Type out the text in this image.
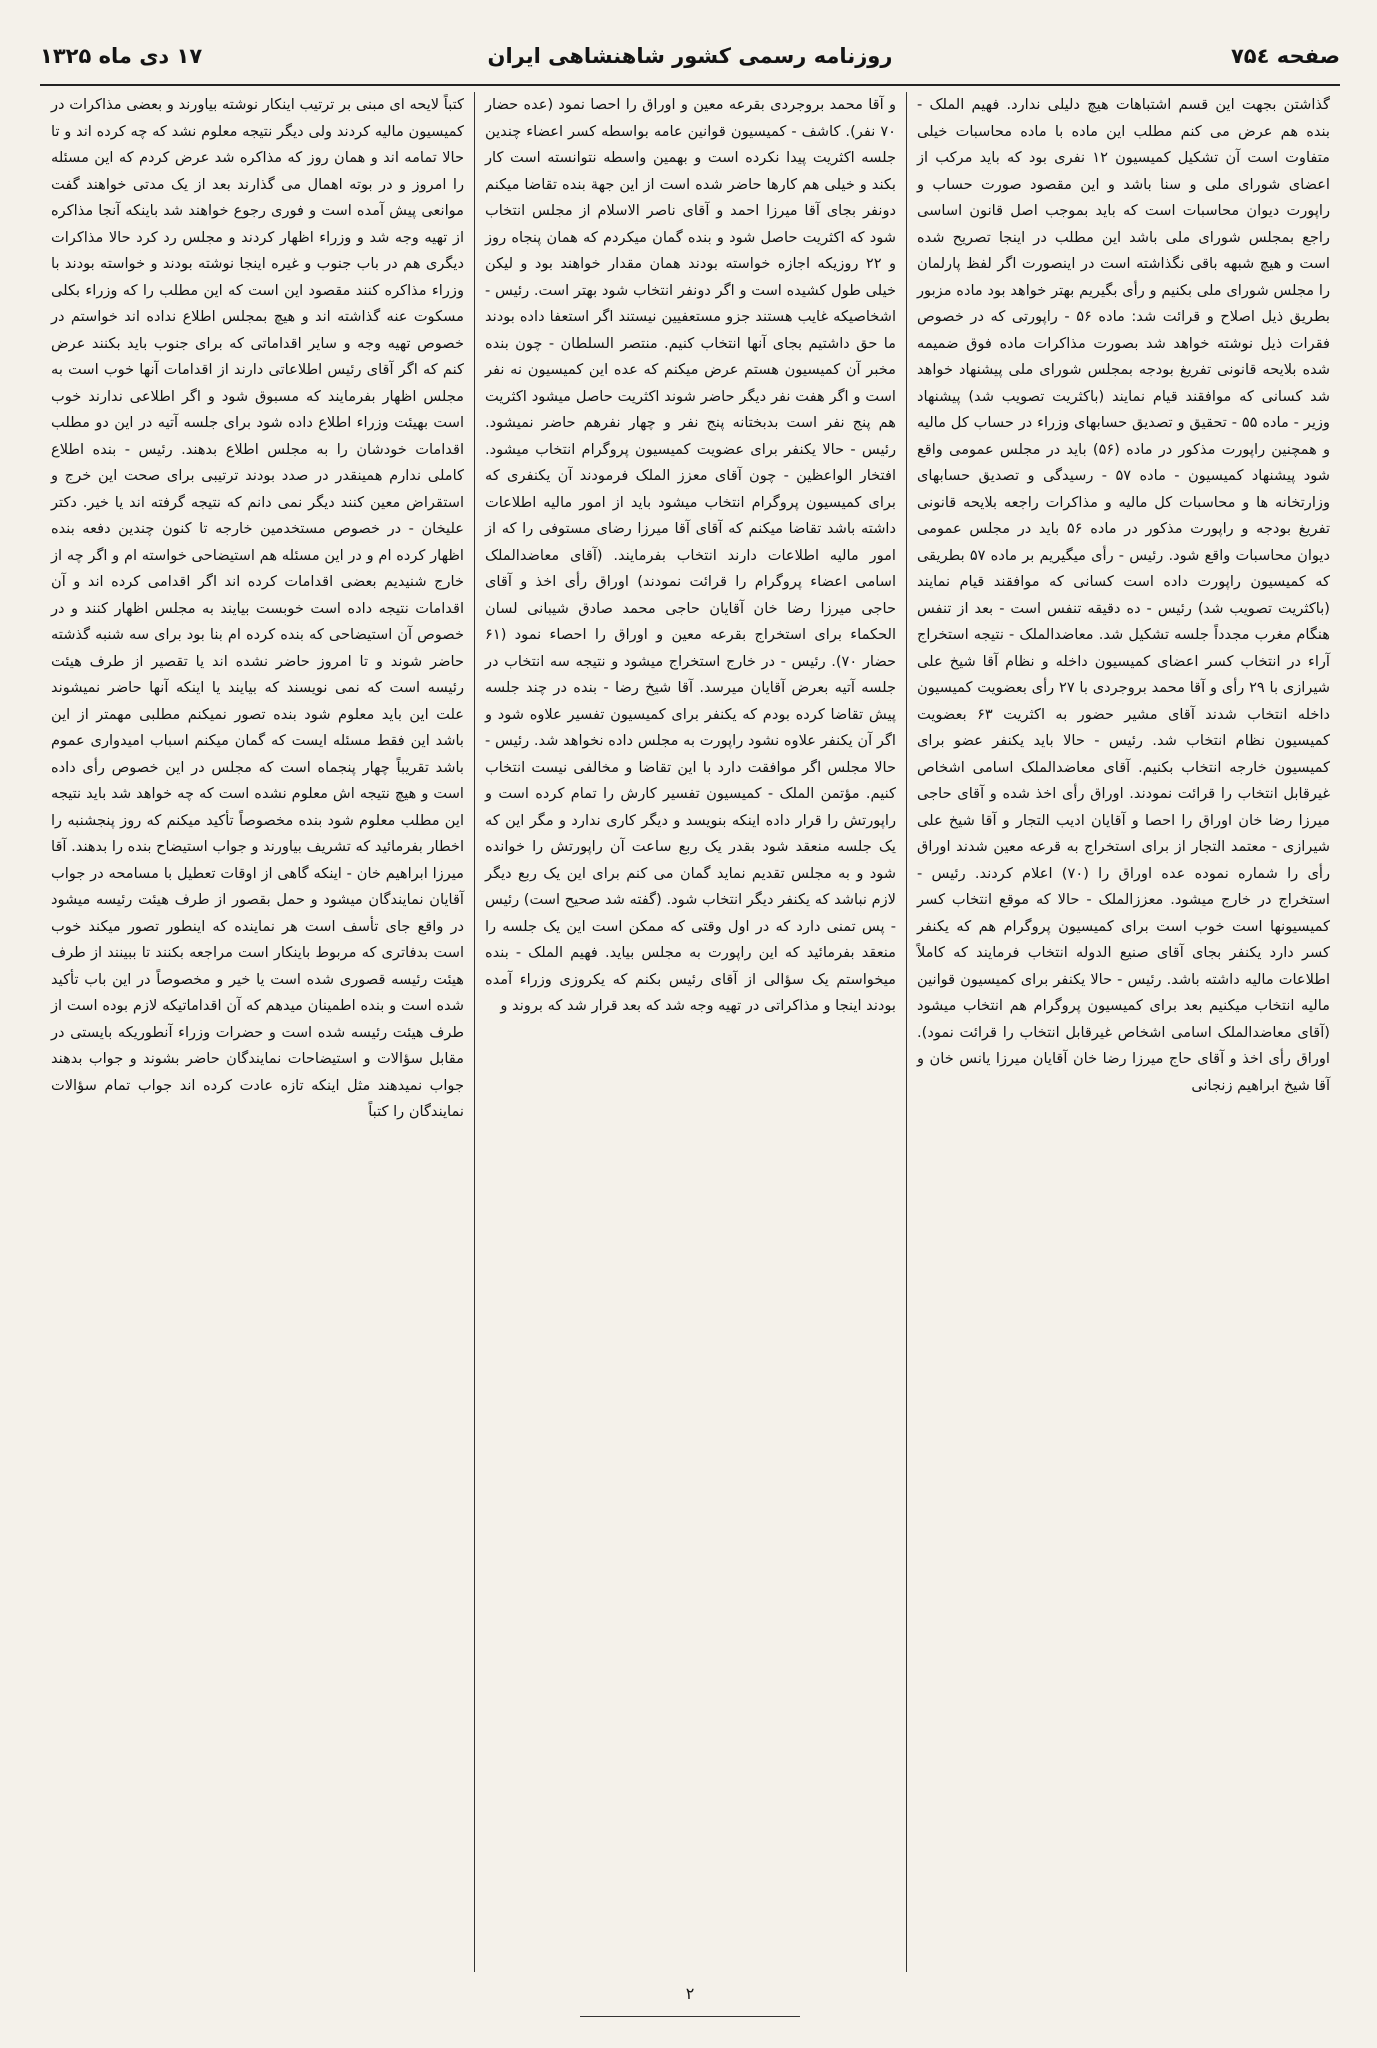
صفحه ۷۵٤
روزنامه رسمی کشور شاهنشاهی ایران
۱۷ دی ماه ۱۳۲۵
گذاشتن بجهت این قسم اشتباهات هیچ دلیلی ندارد. فهیم الملک - بنده هم عرض می کنم مطلب این ماده با ماده محاسبات خیلی متفاوت است آن تشکیل کمیسیون ۱۲ نفری بود که باید مرکب از اعضای شورای ملی و سنا باشد و این مقصود صورت حساب و راپورت دیوان محاسبات است که باید بموجب اصل قانون اساسی راجع بمجلس شورای ملی باشد این مطلب در اینجا تصریح شده است و هیچ شبهه باقی نگذاشته است در اینصورت اگر لفظ پارلمان را مجلس شورای ملی بکنیم و رأی بگیریم بهتر خواهد بود ماده مزبور بطریق ذیل اصلاح و قرائت شد: ماده ۵۶ - راپورتی که در خصوص فقرات ذیل نوشته خواهد شد بصورت مذاکرات ماده فوق ضمیمه شده بلایحه قانونی تفریغ بودجه بمجلس شورای ملی پیشنهاد خواهد شد کسانی که موافقند قیام نمایند (باکثریت تصویب شد) پیشنهاد وزیر - ماده ۵۵ - تحقیق و تصدیق حسابهای وزراء در حساب کل مالیه و همچنین راپورت مذکور در ماده (۵۶) باید در مجلس عمومی واقع شود پیشنهاد کمیسیون - ماده ۵۷ - رسیدگی و تصدیق حسابهای وزارتخانه ها و محاسبات کل مالیه و مذاکرات راجعه بلایحه قانونی تفریغ بودجه و راپورت مذکور در ماده ۵۶ باید در مجلس عمومی دیوان محاسبات واقع شود. رئیس - رأی میگیریم بر ماده ۵۷ بطریقی که کمیسیون راپورت داده است کسانی که موافقند قیام نمایند (باکثریت تصویب شد) رئیس - ده دقیقه تنفس است - بعد از تنفس هنگام مغرب مجدداً جلسه تشکیل شد. معاضدالملک - نتیجه استخراج آراء در انتخاب کسر اعضای کمیسیون داخله و نظام آقا شیخ علی شیرازی با ۲۹ رأی و آقا محمد بروجردی با ۲۷ رأی بعضویت کمیسیون داخله انتخاب شدند آقای مشیر حضور به اکثریت ۶۳ بعضویت کمیسیون نظام انتخاب شد. رئیس - حالا باید یکنفر عضو برای کمیسیون خارجه انتخاب بکنیم. آقای معاضدالملک اسامی اشخاص غیرقابل انتخاب را قرائت نمودند. اوراق رأی اخذ شده و آقای حاجی میرزا رضا خان اوراق را احصا و آقایان ادیب التجار و آقا شیخ علی شیرازی - معتمد التجار از برای استخراج به قرعه معین شدند اوراق رأی را شماره نموده عده اوراق را (۷۰) اعلام کردند. رئیس - استخراج در خارج میشود. معززالملک - حالا که موقع انتخاب کسر کمیسیونها است خوب است برای کمیسیون پروگرام هم که یکنفر کسر دارد یکنفر بجای آقای صنیع الدوله انتخاب فرمایند که کاملاً اطلاعات مالیه داشته باشد. رئیس - حالا یکنفر برای کمیسیون قوانین مالیه انتخاب میکنیم بعد برای کمیسیون پروگرام هم انتخاب میشود (آقای معاضدالملک اسامی اشخاص غیرقابل انتخاب را قرائت نمود). اوراق رأی اخذ و آقای حاج میرزا رضا خان آقایان میرزا یانس خان و آقا شیخ ابراهیم زنجانی
و آقا محمد بروجردی بقرعه معین و اوراق را احصا نمود (عده حضار ۷۰ نفر). کاشف - کمیسیون قوانین عامه بواسطه کسر اعضاء چندین جلسه اکثریت پیدا نکرده است و بهمین واسطه نتوانسته است کار بکند و خیلی هم کارها حاضر شده است از این جهة بنده تقاضا میکنم دونفر بجای آقا میرزا احمد و آقای ناصر الاسلام از مجلس انتخاب شود که اکثریت حاصل شود و بنده گمان میکردم که همان پنجاه روز و ۲۲ روزیکه اجازه خواسته بودند همان مقدار خواهند بود و لیکن خیلی طول کشیده است و اگر دونفر انتخاب شود بهتر است. رئیس - اشخاصیکه غایب هستند جزو مستعفیین نیستند اگر استعفا داده بودند ما حق داشتیم بجای آنها انتخاب کنیم. منتصر السلطان - چون بنده مخبر آن کمیسیون هستم عرض میکنم که عده این کمیسیون نه نفر است و اگر هفت نفر دیگر حاضر شوند اکثریت حاصل میشود اکثریت هم پنج نفر است بدبختانه پنج نفر و چهار نفرهم حاضر نمیشود. رئیس - حالا یکنفر برای عضویت کمیسیون پروگرام انتخاب میشود. افتخار الواعظین - چون آقای معزز الملک فرمودند آن یکنفری که برای کمیسیون پروگرام انتخاب میشود باید از امور مالیه اطلاعات داشته باشد تقاضا میکنم که آقای آقا میرزا رضای مستوفی را که از امور مالیه اطلاعات دارند انتخاب بفرمایند. (آقای معاضدالملک اسامی اعضاء پروگرام را قرائت نمودند) اوراق رأی اخذ و آقای حاجی میرزا رضا خان آقایان حاجی محمد صادق شیبانی لسان الحکماء برای استخراج بقرعه معین و اوراق را احصاء نمود (۶۱ حضار ۷۰). رئیس - در خارج استخراج میشود و نتیجه سه انتخاب در جلسه آتیه بعرض آقایان میرسد. آقا شیخ رضا - بنده در چند جلسه پیش تقاضا کرده بودم که یکنفر برای کمیسیون تفسیر علاوه شود و اگر آن یکنفر علاوه نشود راپورت به مجلس داده نخواهد شد. رئیس - حالا مجلس اگر موافقت دارد با این تقاضا و مخالفی نیست انتخاب کنیم. مؤتمن الملک - کمیسیون تفسیر کارش را تمام کرده است و راپورتش را قرار داده اینکه بنویسد و دیگر کاری ندارد و مگر این که یک جلسه منعقد شود بقدر یک ربع ساعت آن راپورتش را خوانده شود و به مجلس تقدیم نماید گمان می کنم برای این یک ربع دیگر لازم نباشد که یکنفر دیگر انتخاب شود. (گفته شد صحیح است) رئیس - پس تمنی دارد که در اول وقتی که ممکن است این یک جلسه را منعقد بفرمائید که این راپورت به مجلس بیاید. فهیم الملک - بنده میخواستم یک سؤالی از آقای رئیس بکنم که یکروزی وزراء آمده بودند اینجا و مذاکراتی در تهیه وجه شد که بعد قرار شد که بروند و
کتباً لایحه ای مبنی بر ترتیب اینکار نوشته بیاورند و بعضی مذاکرات در کمیسیون مالیه کردند ولی دیگر نتیجه معلوم نشد که چه کرده اند و تا حالا تمامه اند و همان روز که مذاکره شد عرض کردم که این مسئله را امروز و در بوته اهمال می گذارند بعد از یک مدتی خواهند گفت موانعی پیش آمده است و فوری رجوع خواهند شد باینکه آنجا مذاکره از تهیه وجه شد و وزراء اظهار کردند و مجلس رد کرد حالا مذاکرات دیگری هم در باب جنوب و غیره اینجا نوشته بودند و خواسته بودند با وزراء مذاکره کنند مقصود این است که این مطلب را که وزراء بکلی مسکوت عنه گذاشته اند و هیچ بمجلس اطلاع نداده اند خواستم در خصوص تهیه وجه و سایر اقداماتی که برای جنوب باید بکنند عرض کنم که اگر آقای رئیس اطلاعاتی دارند از اقدامات آنها خوب است به مجلس اظهار بفرمایند که مسبوق شود و اگر اطلاعی ندارند خوب است بهیئت وزراء اطلاع داده شود برای جلسه آتیه در این دو مطلب اقدامات خودشان را به مجلس اطلاع بدهند. رئیس - بنده اطلاع کاملی ندارم همینقدر در صدد بودند ترتیبی برای صحت این خرج و استقراض معین کنند دیگر نمی دانم که نتیجه گرفته اند یا خیر. دکتر علیخان - در خصوص مستخدمین خارجه تا کنون چندین دفعه بنده اظهار کرده ام و در این مسئله هم استیضاحی خواسته ام و اگر چه از خارج شنیدیم بعضی اقدامات کرده اند اگر اقدامی کرده اند و آن اقدامات نتیجه داده است خوبست بیایند به مجلس اظهار کنند و در خصوص آن استیضاحی که بنده کرده ام بنا بود برای سه شنبه گذشته حاضر شوند و تا امروز حاضر نشده اند یا تقصیر از طرف هیئت رئیسه است که نمی نویسند که بیایند یا اینکه آنها حاضر نمیشوند علت این باید معلوم شود بنده تصور نمیکنم مطلبی مهمتر از این باشد این فقط مسئله ایست که گمان میکنم اسباب امیدواری عموم باشد تقریباً چهار پنجماه است که مجلس در این خصوص رأی داده است و هیچ نتیجه اش معلوم نشده است که چه خواهد شد باید نتیجه این مطلب معلوم شود بنده مخصوصاً تأکید میکنم که روز پنجشنبه را اخطار بفرمائید که تشریف بیاورند و جواب استیضاح بنده را بدهند. آقا میرزا ابراهیم خان - اینکه گاهی از اوقات تعطیل با مسامحه در جواب آقایان نمایندگان میشود و حمل بقصور از طرف هیئت رئیسه میشود در واقع جای تأسف است هر نماینده که اینطور تصور میکند خوب است بدفاتری که مربوط باینکار است مراجعه بکنند تا ببینند از طرف هیئت رئیسه قصوری شده است یا خیر و مخصوصاً در این باب تأکید شده است و بنده اطمینان میدهم که آن اقداماتیکه لازم بوده است از طرف هیئت رئیسه شده است و حضرات وزراء آنطوریکه بایستی در مقابل سؤالات و استیضاحات نمایندگان حاضر بشوند و جواب بدهند جواب نمیدهند مثل اینکه تازه عادت کرده اند جواب تمام سؤالات نمایندگان را کتباً
۲
